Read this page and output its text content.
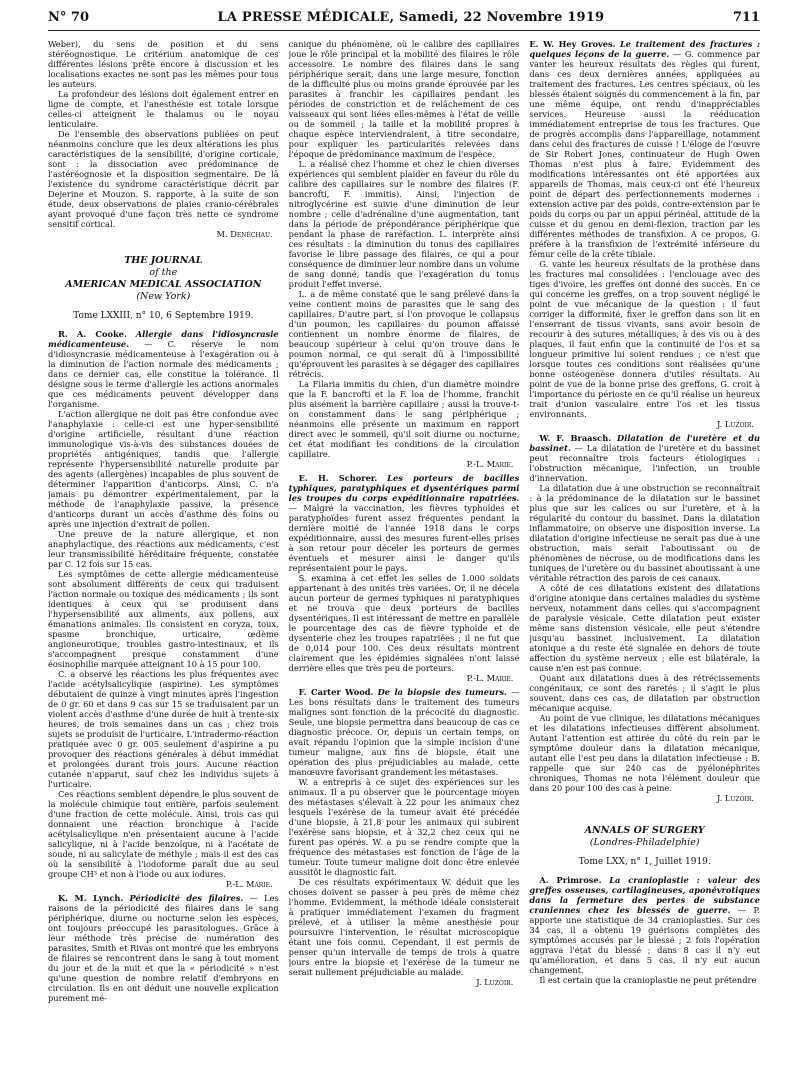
N° 70	LA PRESSE MÉDICALE, Samedi, 22 Novembre 1919	711

Weber), du sens de position et du sens stéréognostique. Le critérium anatomique de ces différentes lésions prête encore à discussion et les localisations exactes ne sont pas les mêmes pour tous les auteurs.

La profondeur des lésions doit également entrer en ligne de compte, et l'anesthésie est totale lorsque celles-ci atteignent le thalamus ou le noyau lenticulaire.

De l'ensemble des observations publiées on peut néanmoins conclure que les deux altérations les plus caractéristiques de la sensibilité, d'origine corticale, sont : la dissociation avec prédominance de l'astéréognosie et la disposition segmentaire. De là l'existence du syndrome caractéristique décrit par Dejerine et Mouzon. S. rapporte, à la suite de son étude, deux observations de plaies cranio-cérébrales ayant provoqué d'une façon très nette ce syndrome sensitif cortical.

M. Denéchau.
THE JOURNAL
of the
AMERICAN MEDICAL ASSOCIATION
(New York)
Tome LXXIII, n° 10, 6 Septembre 1919.

R. A. Cooke. Allergie dans l'idiosyncrasie médicamenteuse. — C. réserve le nom d'idiosyncrasie médicamenteuse à l'exagération ou à la diminution de l'action normale des médicaments ; dans ce dernier cas, elle constitue la tolérance. Il désigne sous le terme d'allergie les actions anormales que ces médicaments peuvent développer dans l'organisme.

L'action allergique ne doit pas être confondue avec l'anaphylaxie : celle-ci est une hyper-sensibilité d'origine artificielle, résultant d'une réaction immunologique vis-à-vis des substances douées de propriétés antigéniques, tandis que l'allergie représente l'hypersensibilité naturelle produite par des agents (allergènes) incapables de plus souvent de déterminer l'apparition d'anticorps. Ainsi, C. n'a jamais pu démontrer expérimentalement, par la méthode de l'anaphylaxie passive, la présence d'anticorps durant un accès d'asthme des foins ou après une injection d'extrait de pollen.

Une preuve de la nature allergique, et non anaphylactique, des réactions aux médicaments, c'est leur transmissibilité héréditaire fréquente, constatée par C. 12 fois sur 15 cas.

Les symptômes de cette allergie médicamenteuse sont absolument différents de ceux qui traduisent l'action normale ou toxique des médicaments ; ils sont identiques à ceux qui se produisent dans l'hypersensibilité aux aliments, aux pollens, aux émanations animales. Ils consistent en coryza, toux, spasme bronchique, urticaire, œdème angioneurotique, troubles gastro-intestinaux, et ils s'accompagnent presque constamment d'une éosinophilie marquée atteignant 10 à 15 pour 100.

C. a observé les réactions les plus fréquentes avec l'acide acétylsalicylique (aspirine). Les symptômes débutaient de quinze à vingt minutes après l'ingestion de 0 gr. 60 et dans 9 cas sur 15 se traduisaient par un violent accès d'asthme d'une durée de huit à trente-six heures, de trois semaines dans un cas ; chez trois sujets se produisit de l'urticaire. L'intradermo-réaction pratiquée avec 0 gr. 005 seulement d'aspirine a pu provoquer des réactions générales à début immédiat et prolongées durant trois jours. Aucune réaction cutanée n'apparut, sauf chez les individus sujets à l'urticaire.

Ces réactions semblent dépendre le plus souvent de la molécule chimique tout entière, parfois seulement d'une fraction de cette molécule. Ainsi, trois cas qui donnaient une réaction bronchique à l'acide acétylsalicylique n'en présentaient aucune à l'acide salicylique, ni à l'acide benzoïque, ni à l'acétate de soude, ni au salicylate de méthyle ; mais il est des cas où la sensibilité à l'iodoforme paraît due au seul groupe CH³ et non à l'iode ou aux iodures.

P.-L. Marie.

K. M. Lynch. Périodicité des filaires. — Les raisons de la périodicité des filaires dans le sang périphérique, diurne ou nocturne selon les espèces, ont toujours préoccupé les parasitologues. Grâce à leur méthode très précise de numération des parasites, Smith et Rivas ont montré que les embryons de filaires se rencontrent dans le sang à tout moment du jour et de la nuit et que la « périodicité » n'est qu'une question de nombre relatif d'embryons en circulation. Ils en ont déduit une nouvelle explication purement mé-

canique du phénomène, où le calibre des capillaires joue le rôle principal et la mobilité des filaires le rôle accessoire. Le nombre des filaires dans le sang périphérique serait, dans une large mesure, fonction de la difficulté plus ou moins grande éprouvée par les parasites à franchir les capillaires pendant les périodes de constriction et de relâchement de ces vaisseaux qui sont liées elles-mêmes à l'état de veille ou de sommeil ; la taille et la mobilité propres à chaque espèce interviendraient, à titre secondaire, pour expliquer les particularités relevées dans l'époque de prédominance maximum de l'espèce.

L. a réalisé chez l'homme et chez le chien diverses expériences qui semblent plaider en faveur du rôle du calibre des capillaires sur le nombre des filaires (F. bancrofti, F. immitis). Ainsi, l'injection de nitroglycérine est suivie d'une diminution de leur nombre ; celle d'adrénaline d'une augmentation, tant dans la période de prépondérance périphérique que pendant la phase de raréfaction. L. interprète ainsi ces résultats : la diminution du tonus des capillaires favorise le libre passage des filaires, ce qui a pour conséquence de diminuer leur nombre dans un volume de sang donné, tandis que l'exagération du tonus produit l'effet inverse.

L. a de même constaté que le sang prélevé dans la veine contient moins de parasites que le sang des capillaires. D'autre part, si l'on provoque le collapsus d'un poumon, les capillaires du poumon affaissé contiennent un nombre énorme de filaires, de beaucoup supérieur à celui qu'on trouve dans le poumon normal, ce qui serait dû à l'impossibilité qu'éprouvent les parasites à se dégager des capillaires rétrécis.

La Filaria immitis du chien, d'un diamètre moindre que la F. bancrofti et la F. loa de l'homme, franchit plus aisément la barrière capillaire ; aussi la trouve-t-on constamment dans le sang périphérique ; néanmoins elle présente un maximum en rapport direct avec le sommeil, qu'il soit diurne ou nocturne, cet état modifiant les conditions de la circulation capillaire.

P.-L. Marie.

E. H. Schorer. Les porteurs de bacilles typhiques, paratyphiques et dysentériques parmi les troupes du corps expéditionnaire rapatriées. — Malgré la vaccination, les fièvres typhoïdes et paratyphoïdes furent assez fréquentes pendant la dernière moitié de l'année 1918 dans le corps expéditionnaire, aussi des mesures furent-elles prises à son retour pour déceler les porteurs de germes éventuels et mesurer ainsi le danger qu'ils représentaient pour le pays.

S. examina à cet effet les selles de 1.000 soldats appartenant à des unités très variées. Or, il ne décela aucun porteur de germes typhiques ni paratyphiques et ne trouva que deux porteurs de bacilles dysentériques. Il est intéressant de mettre en parallèle le pourcentage des cas de fièvre typhoïde et de dysenterie chez les troupes rapatriées ; il ne fut que de 0,014 pour 100. Ces deux résultats montrent clairement que les épidémies signalées n'ont laissé derrière elles que très peu de porteurs.

P.-L. Marie.

F. Carter Wood. De la biopsie des tumeurs. — Les bons résultats dans le traitement des tumeurs malignes sont fonction de la précocité du diagnostic. Seule, une biopsie permettra dans beaucoup de cas ce diagnostic précoce. Or, depuis un certain temps, on avait répandu l'opinion que la simple incision d'une tumeur maligne, aux fins de biopsie, était une opération des plus préjudiciables au malade, cette manœuvre favorisant grandement les métastases.

W. a entrepris à ce sujet des expériences sur les animaux. Il a pu observer que le pourcentage moyen des métastases s'élevait à 22 pour les animaux chez lesquels l'exérèse de la tumeur avait été précédée d'une biopsie, à 21,8 pour les animaux qui subirent l'exérèse sans biopsie, et à 32,2 chez ceux qui ne furent pas opérés. W. a pu se rendre compte que la fréquence des métastases est fonction de l'âge de la tumeur. Toute tumeur maligne doit donc être enlevée aussitôt le diagnostic fait.

De ces résultats expérimentaux W. déduit que les choses doivent se passer à peu près de même chez l'homme. Evidemment, la méthode idéale consisterait à pratiquer immédiatement l'examen du fragment prélevé, et à utiliser la même anesthésie pour poursuivre l'intervention, le résultat microscopique étant une fois connu. Cependant, il est permis de penser qu'un intervalle de temps de trois à quatre jours entre la biopsie et l'exérèse de la tumeur ne serait nullement préjudiciable au malade.

J. Luzoir.

E. W. Hey Groves. Le traitement des fractures : quelques leçons de la guerre. — G. commence par vanter les heureux résultats des règles qui furent, dans ces deux dernières années, appliquées au traitement des fractures. Les centres spéciaux, où les blessés étaient soignés du commencement à la fin, par une même équipe, ont rendu d'inappréciables services. Heureuse aussi la rééducation immédiatement entreprise de tous les fractures. Que de progrès accomplis dans l'appareillage, notamment dans celui des fractures de cuisse ! L'éloge de l'œuvre de Sir Robert Jones, continuateur de Hugh Owen Thomas n'est plus à faire. Evidemment des modifications intéressantes ont été apportées aux appareils de Thomas, mais ceux-ci ont été l'heureux point de départ des perfectionnements modernes : extension active par des poids, contre-extension par le poids du corps ou par un appui périnéal, attitude de la cuisse et du genou en demi-flexion, traction par les différentes méthodes de transfixion. A ce propos, G. préfère à la transfixion de l'extrémité inférieure du fémur celle de la crête tibiale.

G. vante les heureux résultats de la prothèse dans les fractures mal consolidées : l'enclouage avec des tiges d'ivoire, les greffes ont donné des succès. En ce qui concerne les greffes, on a trop souvent négligé le point de vue mécanique de la question : il faut corriger la difformité, fixer le greffon dans son lit en l'enserrant de tissus vivants, sans avoir besoin de recourir à des sutures métalliques, à des vis ou à des plaques, il faut enfin que la continuité de l'os et sa longueur primitive lui soient rendues ; ce n'est que lorsque toutes ces conditions sont réalisées qu'une bonne ostéogenèse donnera d'utiles résultats. Au point de vue de la bonne prise des greffons, G. croit à l'importance du périoste en ce qu'il réalise un heureux trait d'union vasculaire entre l'os et les tissus environnants.

J. Luzoir.

W. F. Braasch. Dilatation de l'uretère et du bassinet. — La dilatation de l'uretère et du bassinet peut reconnaître trois facteurs étiologiques : l'obstruction mécanique, l'infection, un trouble d'innervation.

La dilatation due à une obstruction se reconnaîtrait : à la prédominance de la dilatation sur le bassinet plus que sur les calices ou sur l'uretère, et à la régularité du contour du bassinet. Dans la dilatation inflammatoire, on observe une disposition inverse. La dilatation d'origine infectieuse ne serait pas due à une obstruction, mais serait l'aboutissant ou de phénomènes de nécrose, ou de modifications dans les tuniques de l'uretère ou du bassinet aboutissant à une véritable rétraction des parois de ces canaux.

A côté de ces dilatations existent des dilatations d'origine atonique dans certaines maladies du système nerveux, notamment dans celles qui s'accompagnent de paralysie vésicale. Cette dilatation peut exister même sans distension vésicale, elle peut s'étendre jusqu'au bassinet inclusivement. La dilatation atonique a du reste été signalée en dehors de toute affection du système nerveux ; elle est bilatérale, la cause n'en est pas connue.

Quant aux dilatations dues à des rétrécissements congénitaux, ce sont des raretés ; il s'agit le plus souvent, dans ces cas, de dilatation par obstruction mécanique acquise.

Au point de vue clinique, les dilatations mécaniques et les dilatations infectieuses diffèrent absolument. Autant l'attention est attirée du côté du rein par le symptôme douleur dans la dilatation mécanique, autant elle l'est peu dans la dilatation infectieuse : B. rappelle que sur 240 cas de pyélonéphrites chroniques, Thomas ne nota l'élément douleur que dans 20 pour 100 des cas à peine.

J. Luzoir.
ANNALS OF SURGERY
(Londres-Philadelphie)
Tome LXX, n° 1, Juillet 1919.

A. Primrose. La cranioplastie : valeur des greffes osseuses, cartilagineuses, aponévrotiques dans la fermeture des pertes de substance craniennes chez les blessés de guerre. — P. apporte une statistique de 34 cranioplasties. Sur ces 34 cas, il a obtenu 19 guérisons complètes des symptômes accusés par le blessé ; 2 fois l'opération aggrava l'état du blessé ; dans 8 cas il n'y eut qu'amélioration, et dans 5 cas, il n'y eut aucun changement.

Il est certain que la cranioplastie ne peut prétendre
